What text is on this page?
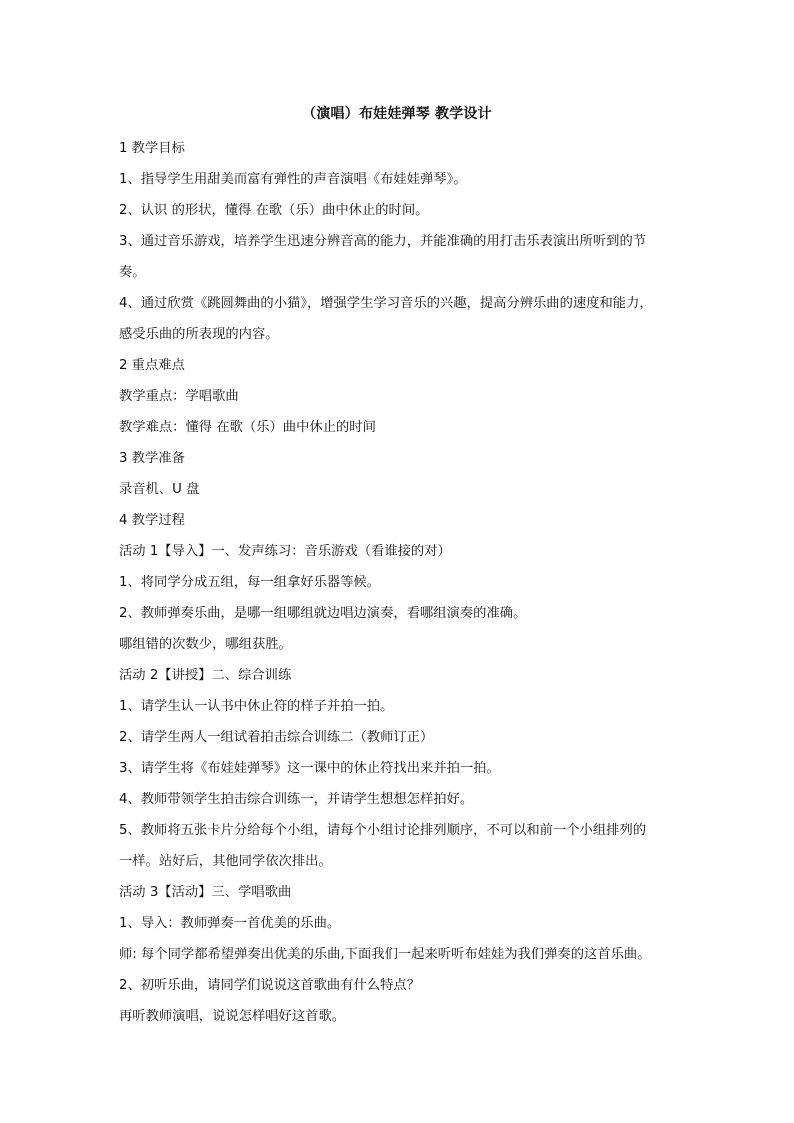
（演唱）布娃娃弹琴 教学设计
1 教学目标
1、指导学生用甜美而富有弹性的声音演唱《布娃娃弹琴》。
2、认识 的形状，懂得 在歌（乐）曲中休止的时间。
3、通过音乐游戏，培养学生迅速分辨音高的能力，并能准确的用打击乐表演出所听到的节
奏。
4、通过欣赏《跳圆舞曲的小猫》，增强学生学习音乐的兴趣，提高分辨乐曲的速度和能力，
感受乐曲的所表现的内容。
2 重点难点
教学重点：学唱歌曲
教学难点：懂得 在歌（乐）曲中休止的时间
3 教学准备
录音机、U 盘
4 教学过程
活动 1【导入】一、发声练习：音乐游戏（看谁接的对）
1、将同学分成五组，每一组拿好乐器等候。
2、教师弹奏乐曲，是哪一组哪组就边唱边演奏，看哪组演奏的准确。
哪组错的次数少，哪组获胜。
活动 2【讲授】二、综合训练
1、请学生认一认书中休止符的样子并拍一拍。
2、请学生两人一组试着拍击综合训练二（教师订正）
3、请学生将《布娃娃弹琴》这一课中的休止符找出来并拍一拍。
4、教师带领学生拍击综合训练一，并请学生想想怎样拍好。
5、教师将五张卡片分给每个小组，请每个小组讨论排列顺序，不可以和前一个小组排列的
一样。站好后，其他同学依次排出。
活动 3【活动】三、学唱歌曲
1、导入：教师弹奏一首优美的乐曲。
师: 每个同学都希望弹奏出优美的乐曲,下面我们一起来听听布娃娃为我们弹奏的这首乐曲。
2、初听乐曲，请同学们说说这首歌曲有什么特点？
再听教师演唱，说说怎样唱好这首歌。
